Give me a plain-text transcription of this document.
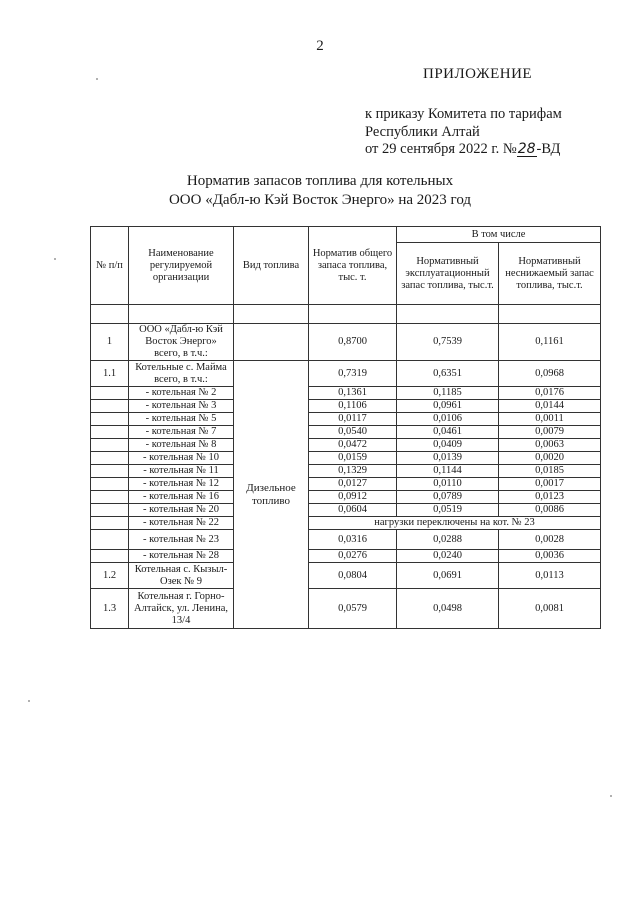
2
ПРИЛОЖЕНИЕ
к приказу Комитета по тарифам
Республики Алтай
от 29 сентября 2022 г. №28-ВД
Норматив запасов топлива для котельных
ООО «Дабл-ю Кэй Восток Энерго» на 2023 год
№ п/п	Наименование регулируемой организации	Вид топлива	Норматив общего запаса топлива, тыс. т.	В том числе	
				Нормативный эксплуатационный запас топлива, тыс.т.	Нормативный неснижаемый запас топлива, тыс.т.

1	ООО «Дабл-ю Кэй Восток Энерго» всего, в т.ч.:		0,8700	0,7539	0,1161
1.1	Котельные с. Майма всего, в т.ч.:	Дизельное топливо	0,7319	0,6351	0,0968
	- котельная № 2		0,1361	0,1185	0,0176
	- котельная № 3		0,1106	0,0961	0,0144
	- котельная № 5		0,0117	0,0106	0,0011
	- котельная № 7		0,0540	0,0461	0,0079
	- котельная № 8		0,0472	0,0409	0,0063
	- котельная № 10		0,0159	0,0139	0,0020
	- котельная № 11		0,1329	0,1144	0,0185
	- котельная № 12		0,0127	0,0110	0,0017
	- котельная № 16		0,0912	0,0789	0,0123
	- котельная № 20		0,0604	0,0519	0,0086
	- котельная № 22		нагрузки переключены на кот. № 23		
	- котельная № 23		0,0316	0,0288	0,0028
	- котельная № 28		0,0276	0,0240	0,0036
1.2	Котельная с. Кызыл-Озек № 9		0,0804	0,0691	0,0113
1.3	Котельная г. Горно-Алтайск, ул. Ленина, 13/4		0,0579	0,0498	0,0081
